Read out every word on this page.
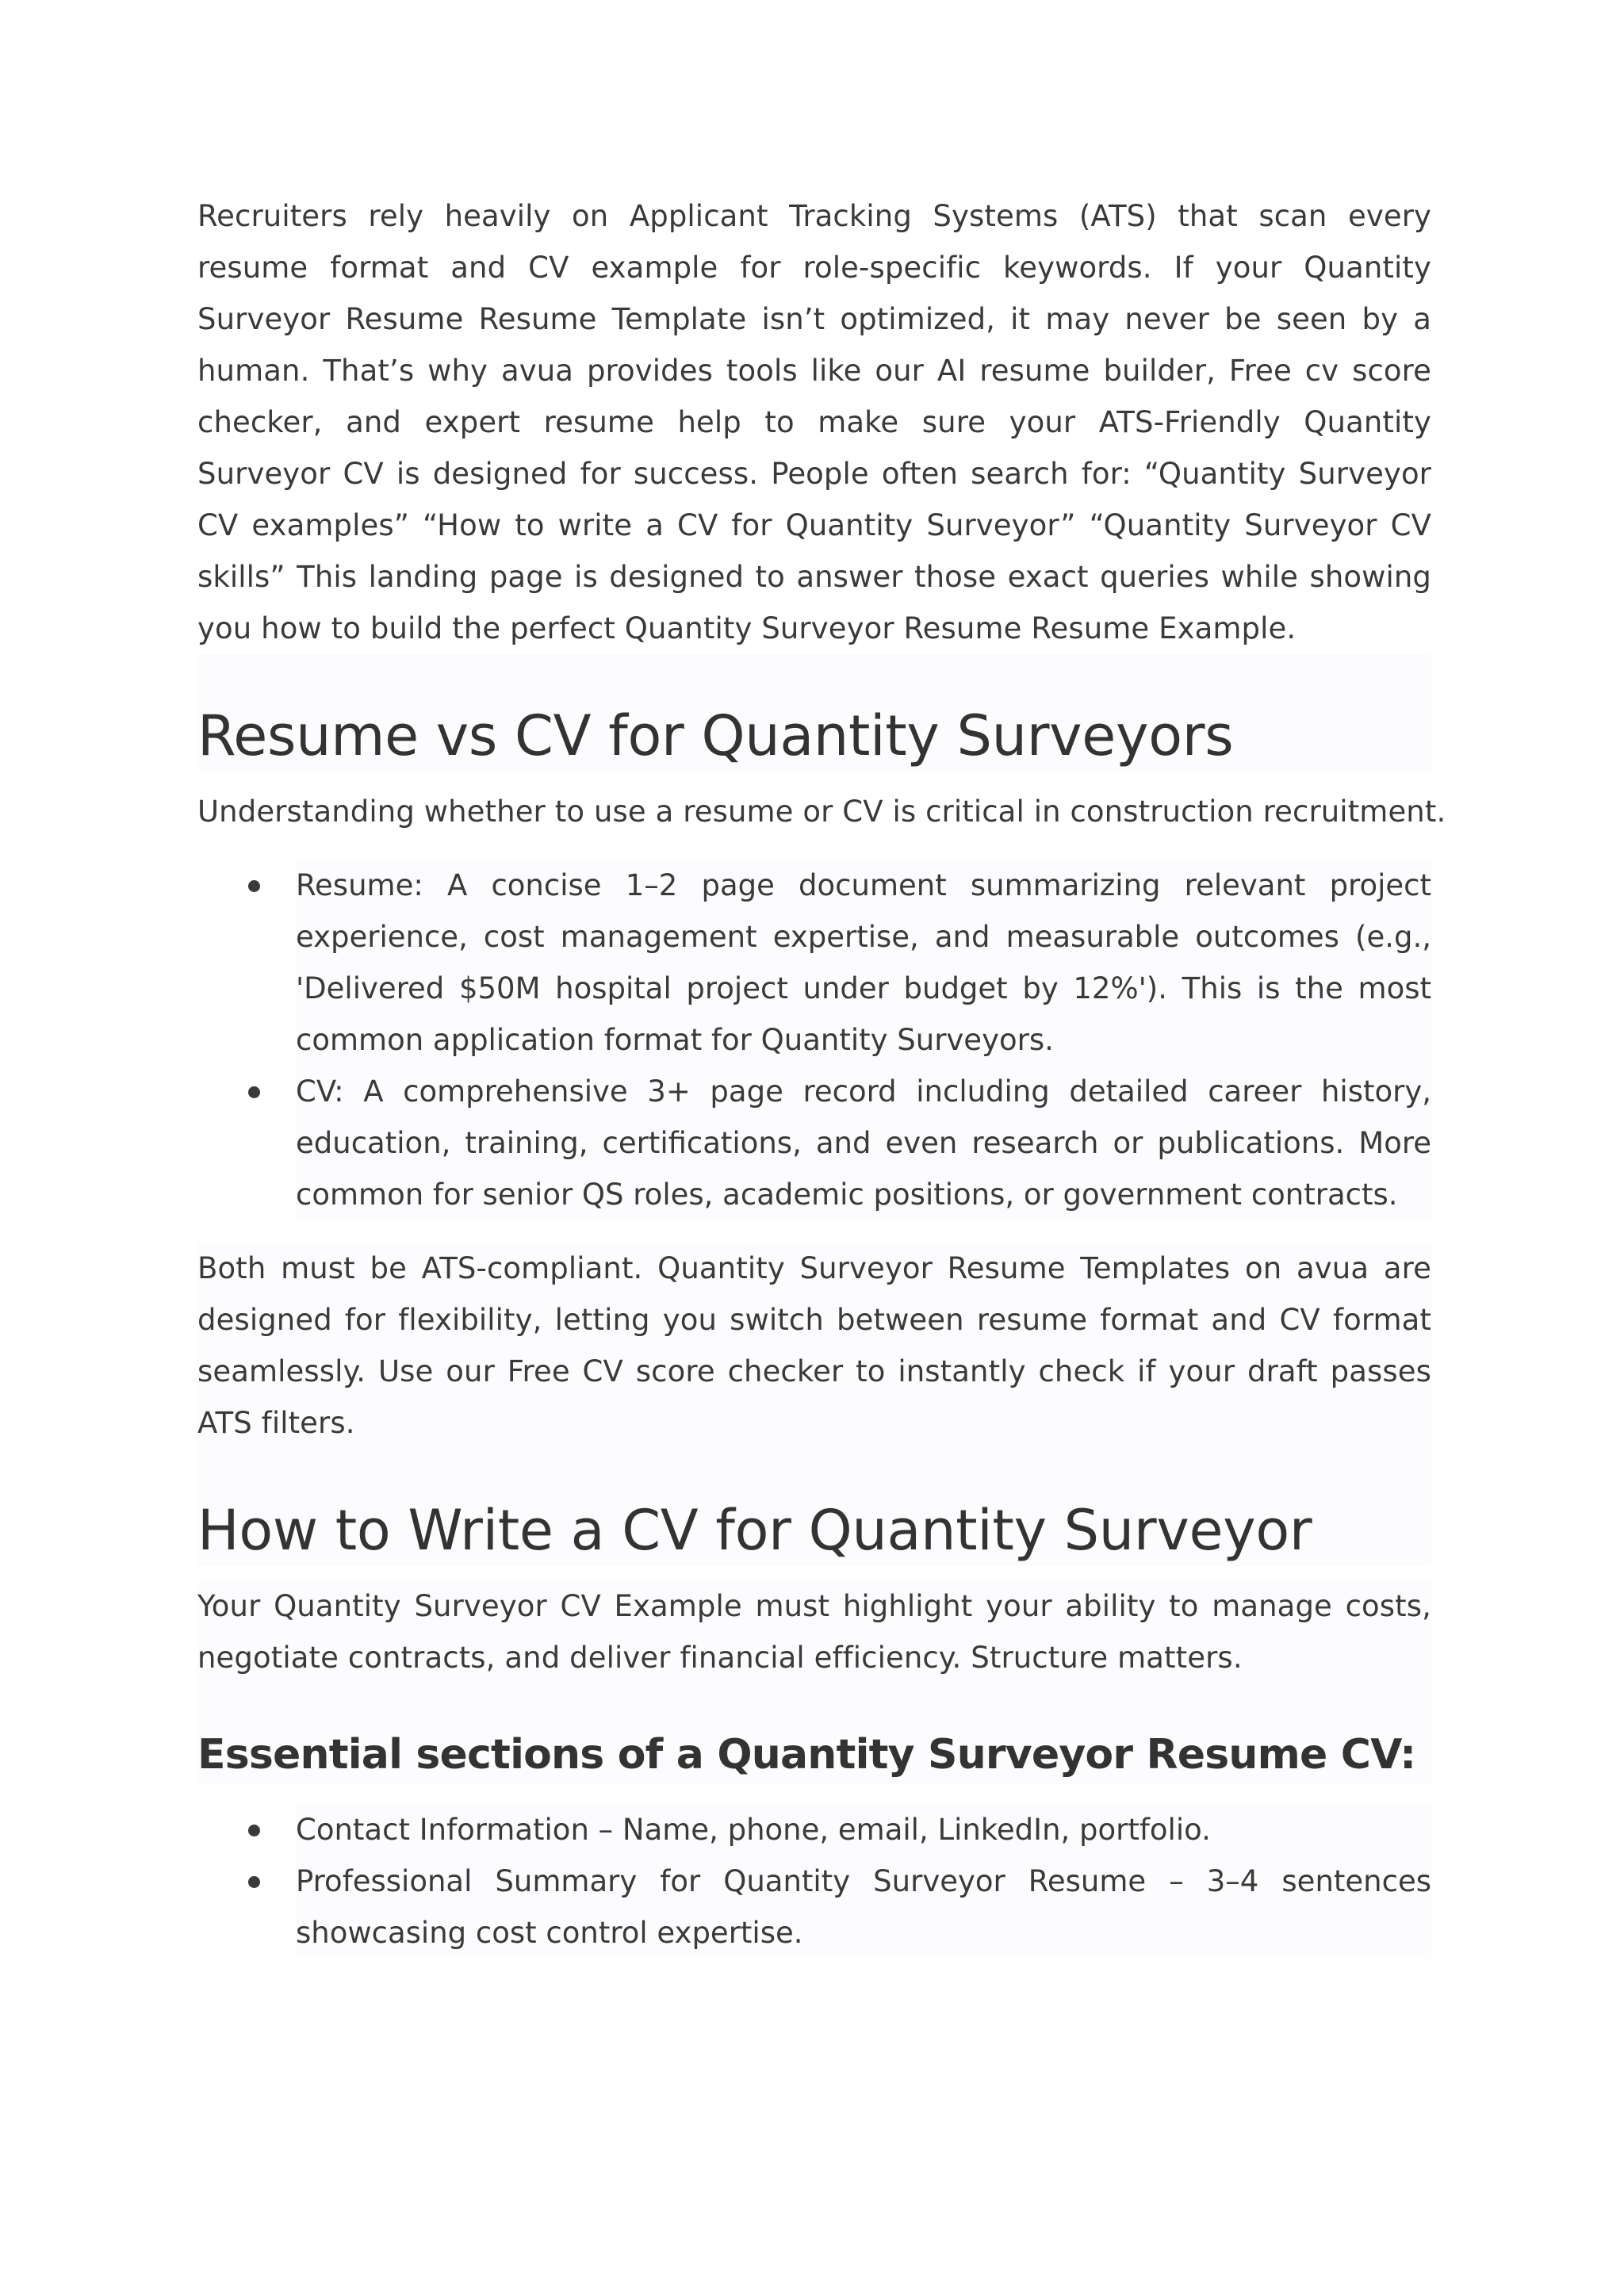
Recruiters rely heavily on Applicant Tracking Systems (ATS) that scan every resume format and CV example for role-specific keywords. If your Quantity Surveyor Resume Resume Template isn’t optimized, it may never be seen by a human. That’s why avua provides tools like our AI resume builder, Free cv score checker, and expert resume help to make sure your ATS-Friendly Quantity Surveyor CV is designed for success. People often search for: “Quantity Surveyor CV examples” “How to write a CV for Quantity Surveyor” “Quantity Surveyor CV skills” This landing page is designed to answer those exact queries while showing you how to build the perfect Quantity Surveyor Resume Resume Example.

Resume vs CV for Quantity Surveyors

Understanding whether to use a resume or CV is critical in construction recruitment.

Resume: A concise 1–2 page document summarizing relevant project experience, cost management expertise, and measurable outcomes (e.g., 'Delivered $50M hospital project under budget by 12%'). This is the most common application format for Quantity Surveyors.
CV: A comprehensive 3+ page record including detailed career history, education, training, certifications, and even research or publications. More common for senior QS roles, academic positions, or government contracts.

Both must be ATS-compliant. Quantity Surveyor Resume Templates on avua are designed for flexibility, letting you switch between resume format and CV format seamlessly. Use our Free CV score checker to instantly check if your draft passes ATS filters.

How to Write a CV for Quantity Surveyor

Your Quantity Surveyor CV Example must highlight your ability to manage costs, negotiate contracts, and deliver financial efficiency. Structure matters.

Essential sections of a Quantity Surveyor Resume CV:
Contact Information – Name, phone, email, LinkedIn, portfolio.
Professional Summary for Quantity Surveyor Resume – 3–4 sentences showcasing cost control expertise.
